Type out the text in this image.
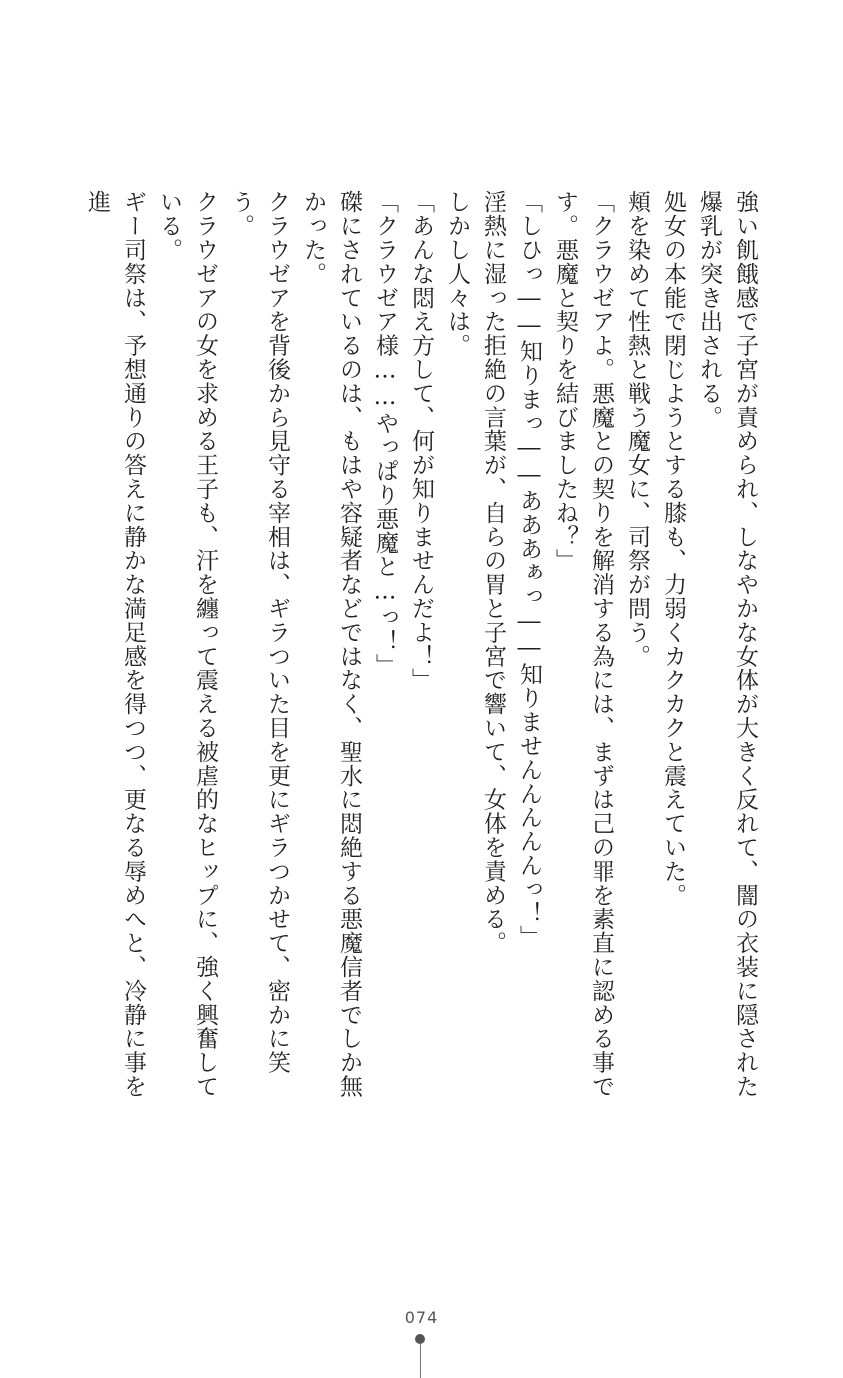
強い飢餓感で子宮が責められ、しなやかな女体が大きく反れて、闇の衣装に隠された爆乳が突き出される。

処女の本能で閉じようとする膝も、力弱くカクカクと震えていた。

頬を染めて性熱と戦う魔女に、司祭が問う。

「クラウゼアよ。悪魔との契りを解消する為には、まずは己の罪を素直に認める事です。悪魔と契りを結びましたね？」

「しひっ――知りまっ――あああぁっ――知りませんんんんんっ！」

淫熱に湿った拒絶の言葉が、自らの胃と子宮で響いて、女体を責める。

しかし人々は。

「あんな悶え方して、何が知りませんだよ！」

「クラウゼア様……やっぱり悪魔と…っ！」

磔にされているのは、もはや容疑者などではなく、聖水に悶絶する悪魔信者でしか無かった。

クラウゼアを背後から見守る宰相は、ギラついた目を更にギラつかせて、密かに笑う。

クラウゼアの女を求める王子も、汗を纏って震える被虐的なヒップに、強く興奮している。

ギー司祭は、予想通りの答えに静かな満足感を得つつ、更なる辱めへと、冷静に事を進

074
